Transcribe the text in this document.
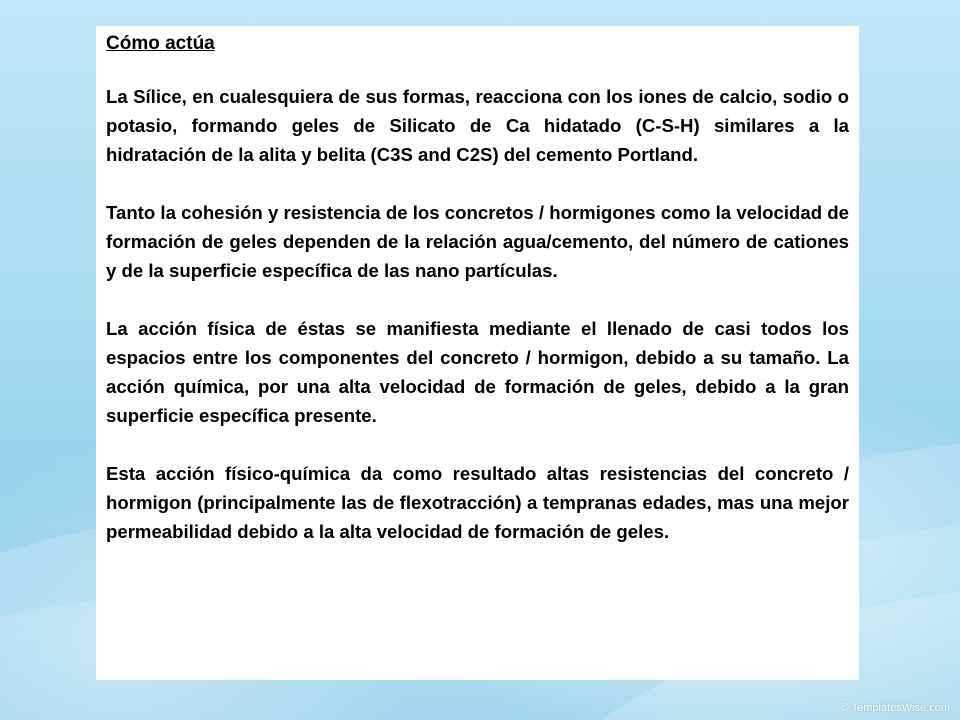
Cómo actúa

La Sílice, en cualesquiera de sus formas, reacciona con los iones de calcio, sodio o potasio, formando geles de Silicato de Ca hidatado (C-S-H) similares a la hidratación de la alita y belita (C3S and C2S) del cemento Portland.

Tanto la cohesión y resistencia de los concretos / hormigones como la velocidad de formación de geles dependen de la relación agua/cemento, del número de cationes y de la superficie específica de las nano partículas.

La acción física de éstas se manifiesta mediante el llenado de casi todos los espacios entre los componentes del concreto / hormigon, debido a su tamaño. La acción química, por una alta velocidad de formación de geles, debido a la gran superficie específica presente.

Esta acción físico-química da como resultado altas resistencias del concreto / hormigon (principalmente las de flexotracción) a tempranas edades, mas una mejor permeabilidad debido a la alta velocidad de formación de geles.

© TemplatesWise.com
